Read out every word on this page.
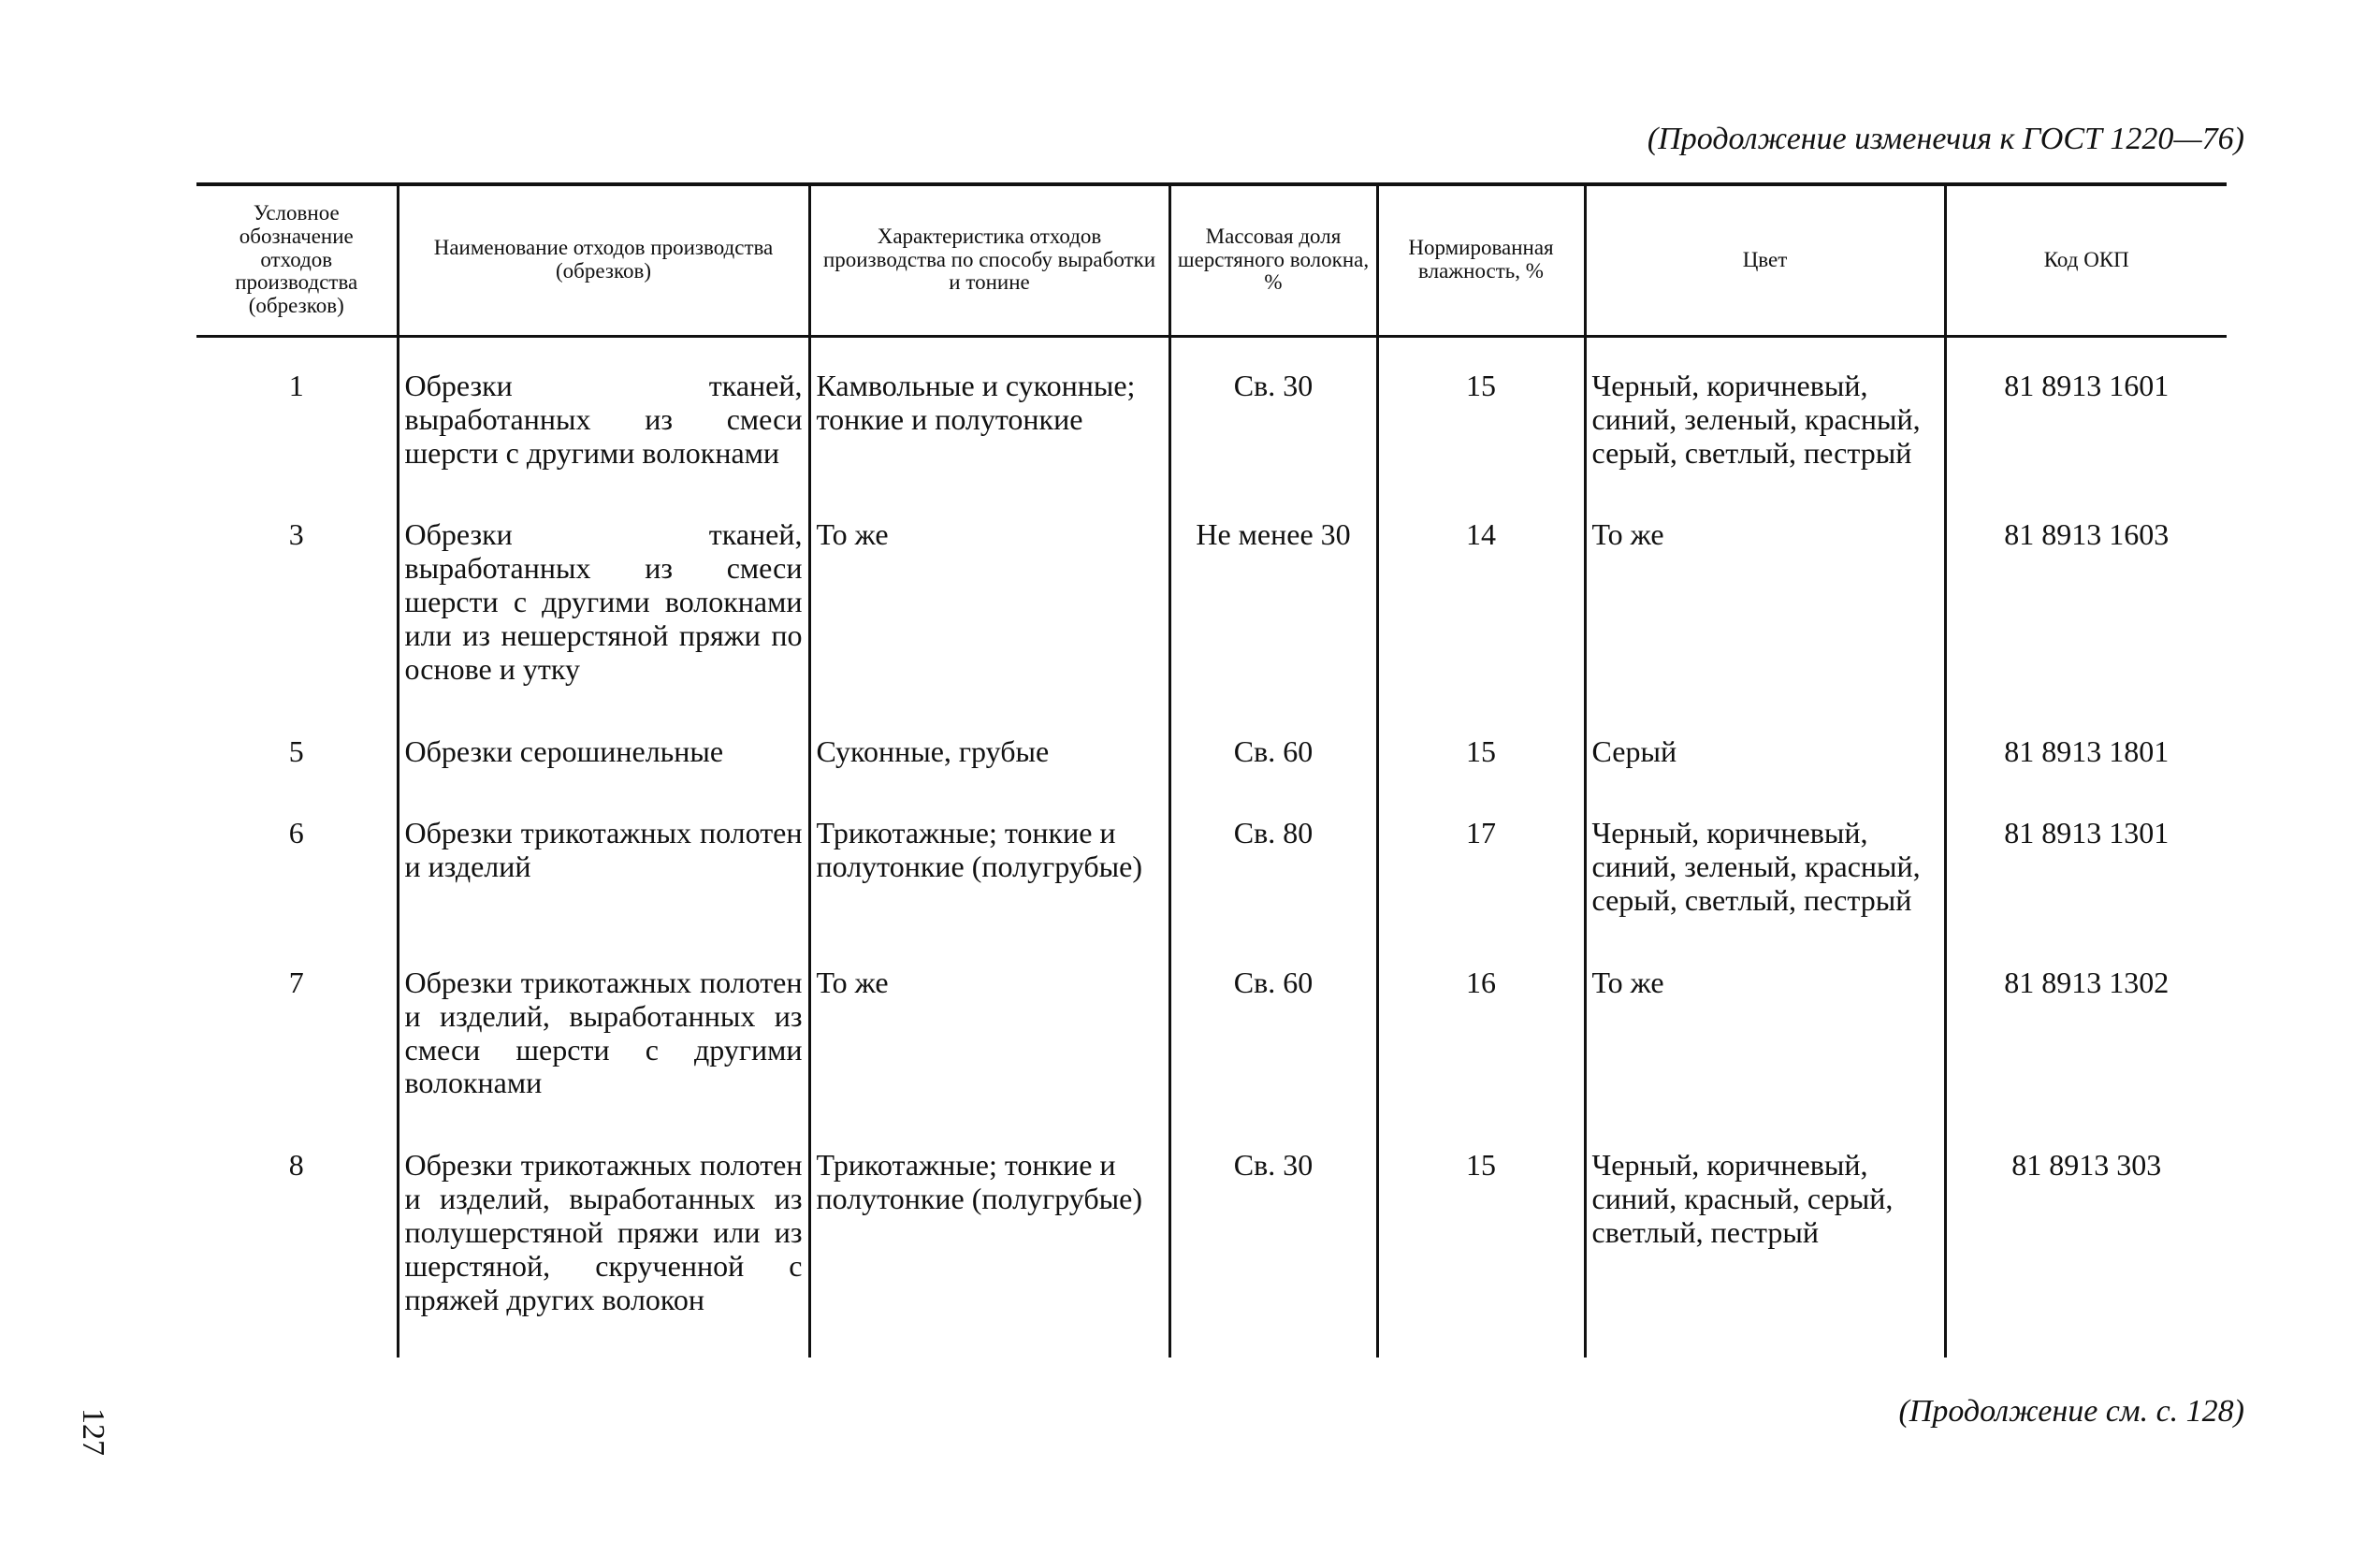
(Продолжение изменечия к ГОСТ 1220—76)
Условное обозначение отходов производства (обрезков)	Наименование отходов производства (обрезков)	Характеристика отходов производства по способу выработки и тонине	Массовая доля шерстяного волокна, %	Нормированная влажность, %	Цвет	Код ОКП
1	Обрезки тканей, выработанных из смеси шерсти с другими волокнами	Камвольные и суконные; тонкие и полутонкие	Св. 30	15	Черный, коричневый, синий, зеленый, красный, серый, светлый, пестрый	81 8913 1601
3	Обрезки тканей, выработанных из смеси шерсти с другими волокнами или из нешерстяной пряжи по основе и утку	То же	Не менее 30	14	То же	81 8913 1603
5	Обрезки серошинельные	Суконные, грубые	Св. 60	15	Серый	81 8913 1801
6	Обрезки трикотажных полотен и изделий	Трикотажные; тонкие и полутонкие (полугрубые)	Св. 80	17	Черный, коричневый, синий, зеленый, красный, серый, светлый, пестрый	81 8913 1301
7	Обрезки трикотажных полотен и изделий, выработанных из смеси шерсти с другими волокнами	То же	Св. 60	16	То же	81 8913 1302
8	Обрезки трикотажных полотен и изделий, выработанных из полушерстяной пряжи или из шерстяной, скрученной с пряжей других волокон	Трикотажные; тонкие и полутонкие (полугрубые)	Св. 30	15	Черный, коричневый, синий, красный, серый, светлый, пестрый	81 8913 303
(Продолжение см. с. 128)
127
